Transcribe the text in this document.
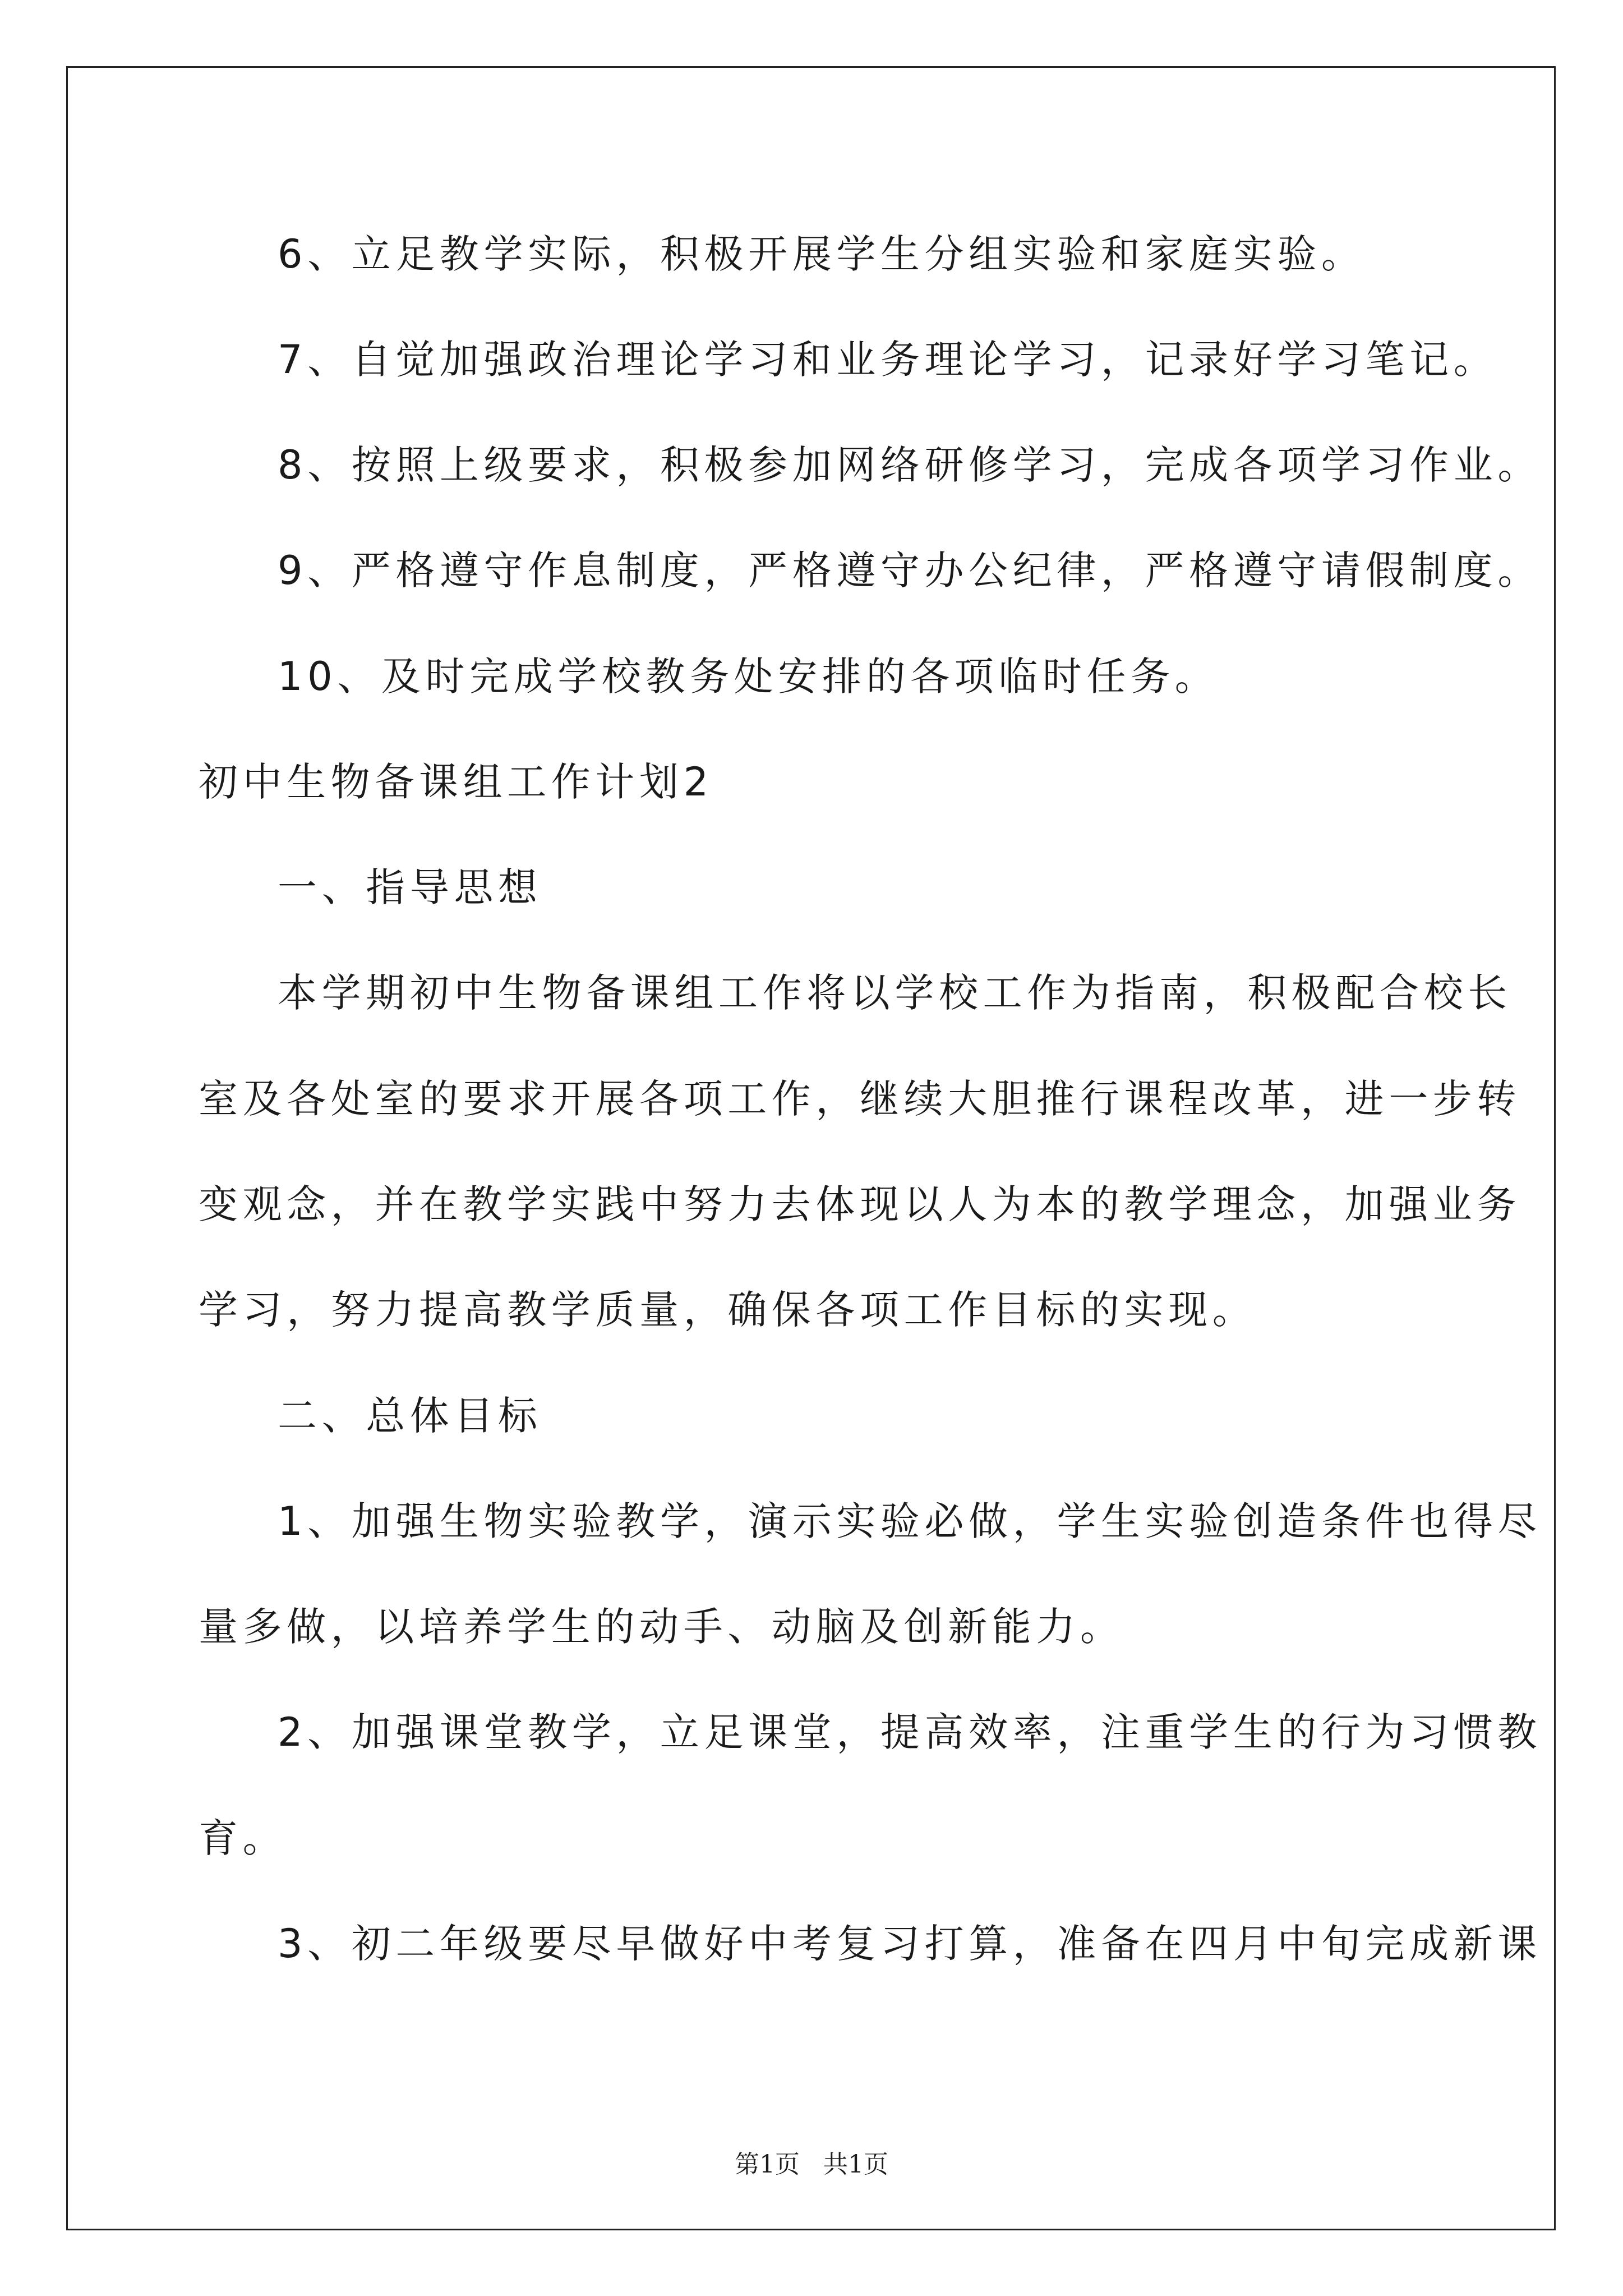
6、立足教学实际，积极开展学生分组实验和家庭实验。
7、自觉加强政治理论学习和业务理论学习，记录好学习笔记。
8、按照上级要求，积极参加网络研修学习，完成各项学习作业。
9、严格遵守作息制度，严格遵守办公纪律，严格遵守请假制度。
10、及时完成学校教务处安排的各项临时任务。
初中生物备课组工作计划2
一、指导思想
本学期初中生物备课组工作将以学校工作为指南，积极配合校长
室及各处室的要求开展各项工作，继续大胆推行课程改革，进一步转
变观念，并在教学实践中努力去体现以人为本的教学理念，加强业务
学习，努力提高教学质量，确保各项工作目标的实现。
二、总体目标
1、加强生物实验教学，演示实验必做，学生实验创造条件也得尽
量多做，以培养学生的动手、动脑及创新能力。
2、加强课堂教学，立足课堂，提高效率，注重学生的行为习惯教
育。
3、初二年级要尽早做好中考复习打算，准备在四月中旬完成新课
第1页   共1页
